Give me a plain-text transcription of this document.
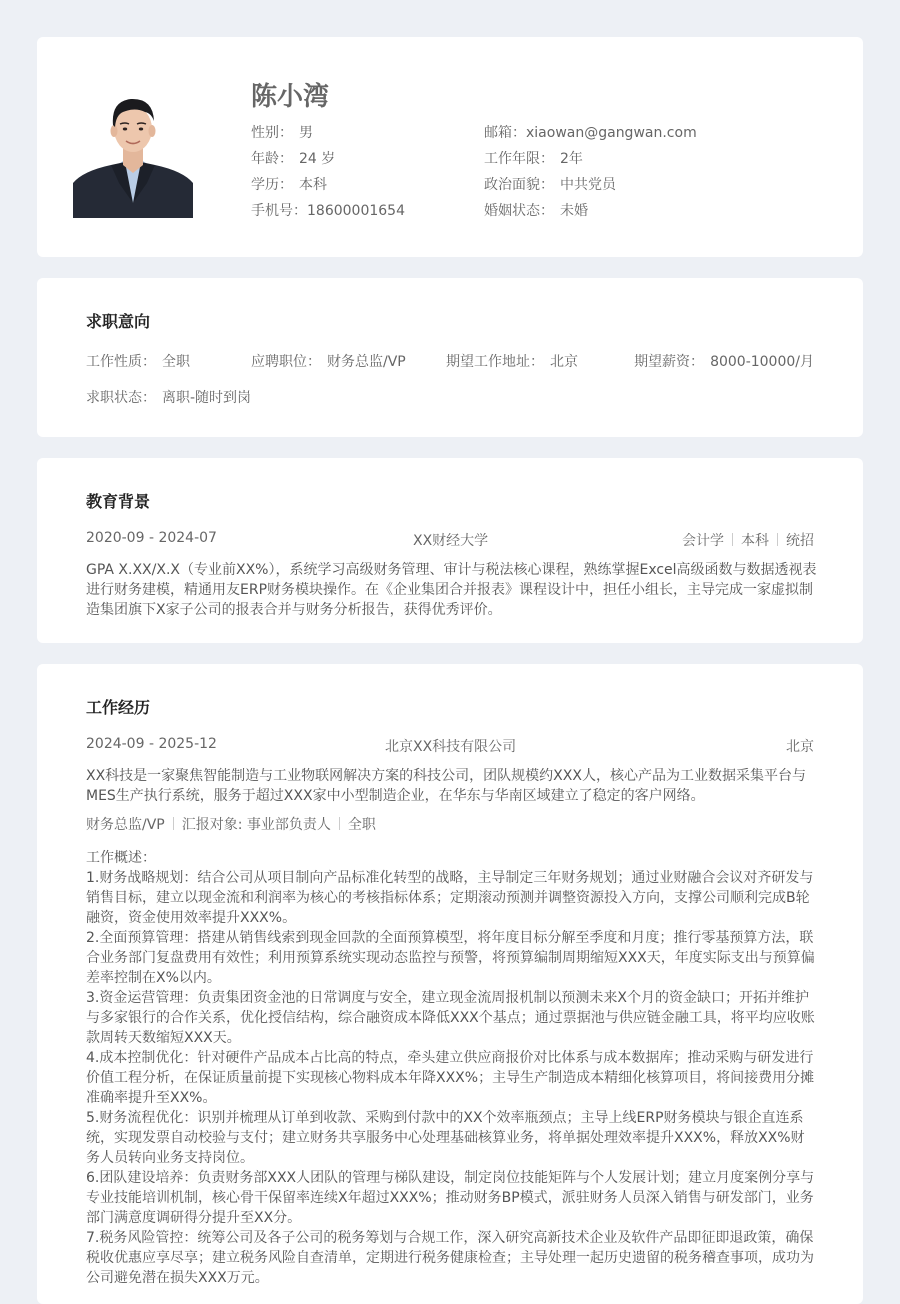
陈小湾
性别： 男
年龄： 24 岁
学历： 本科
手机号：18600001654
邮箱：xiaowan@gangwan.com
工作年限： 2年
政治面貌： 中共党员
婚姻状态： 未婚
求职意向
工作性质： 全职	应聘职位： 财务总监/VP	期望工作地址： 北京	期望薪资： 8000-10000/月
求职状态： 离职-随时到岗
教育背景
2020-09 - 2024-07	XX财经大学	会计学 本科 统招
GPA X.XX/X.X（专业前XX%），系统学习高级财务管理、审计与税法核心课程，熟练掌握Excel高级函数与数据透视表进行财务建模，精通用友ERP财务模块操作。在《企业集团合并报表》课程设计中，担任小组长，主导完成一家虚拟制造集团旗下X家子公司的报表合并与财务分析报告，获得优秀评价。
工作经历
2024-09 - 2025-12	北京XX科技有限公司	北京
XX科技是一家聚焦智能制造与工业物联网解决方案的科技公司，团队规模约XXX人，核心产品为工业数据采集平台与MES生产执行系统，服务于超过XXX家中小型制造企业，在华东与华南区域建立了稳定的客户网络。
财务总监/VP 汇报对象: 事业部负责人 全职
工作概述：
1.财务战略规划：结合公司从项目制向产品标准化转型的战略，主导制定三年财务规划；通过业财融合会议对齐研发与销售目标，建立以现金流和利润率为核心的考核指标体系；定期滚动预测并调整资源投入方向，支撑公司顺利完成B轮融资，资金使用效率提升XXX%。
2.全面预算管理：搭建从销售线索到现金回款的全面预算模型，将年度目标分解至季度和月度；推行零基预算方法，联合业务部门复盘费用有效性；利用预算系统实现动态监控与预警，将预算编制周期缩短XXX天，年度实际支出与预算偏差率控制在X%以内。
3.资金运营管理：负责集团资金池的日常调度与安全，建立现金流周报机制以预测未来X个月的资金缺口；开拓并维护与多家银行的合作关系，优化授信结构，综合融资成本降低XXX个基点；通过票据池与供应链金融工具，将平均应收账款周转天数缩短XXX天。
4.成本控制优化：针对硬件产品成本占比高的特点，牵头建立供应商报价对比体系与成本数据库；推动采购与研发进行价值工程分析，在保证质量前提下实现核心物料成本年降XXX%；主导生产制造成本精细化核算项目，将间接费用分摊准确率提升至XX%。
5.财务流程优化：识别并梳理从订单到收款、采购到付款中的XX个效率瓶颈点；主导上线ERP财务模块与银企直连系统，实现发票自动校验与支付；建立财务共享服务中心处理基础核算业务，将单据处理效率提升XXX%，释放XX%财务人员转向业务支持岗位。
6.团队建设培养：负责财务部XXX人团队的管理与梯队建设，制定岗位技能矩阵与个人发展计划；建立月度案例分享与专业技能培训机制，核心骨干保留率连续X年超过XXX%；推动财务BP模式，派驻财务人员深入销售与研发部门，业务部门满意度调研得分提升至XX分。
7.税务风险管控：统筹公司及各子公司的税务筹划与合规工作，深入研究高新技术企业及软件产品即征即退政策，确保税收优惠应享尽享；建立税务风险自查清单，定期进行税务健康检查；主导处理一起历史遗留的税务稽查事项，成功为公司避免潜在损失XXX万元。
